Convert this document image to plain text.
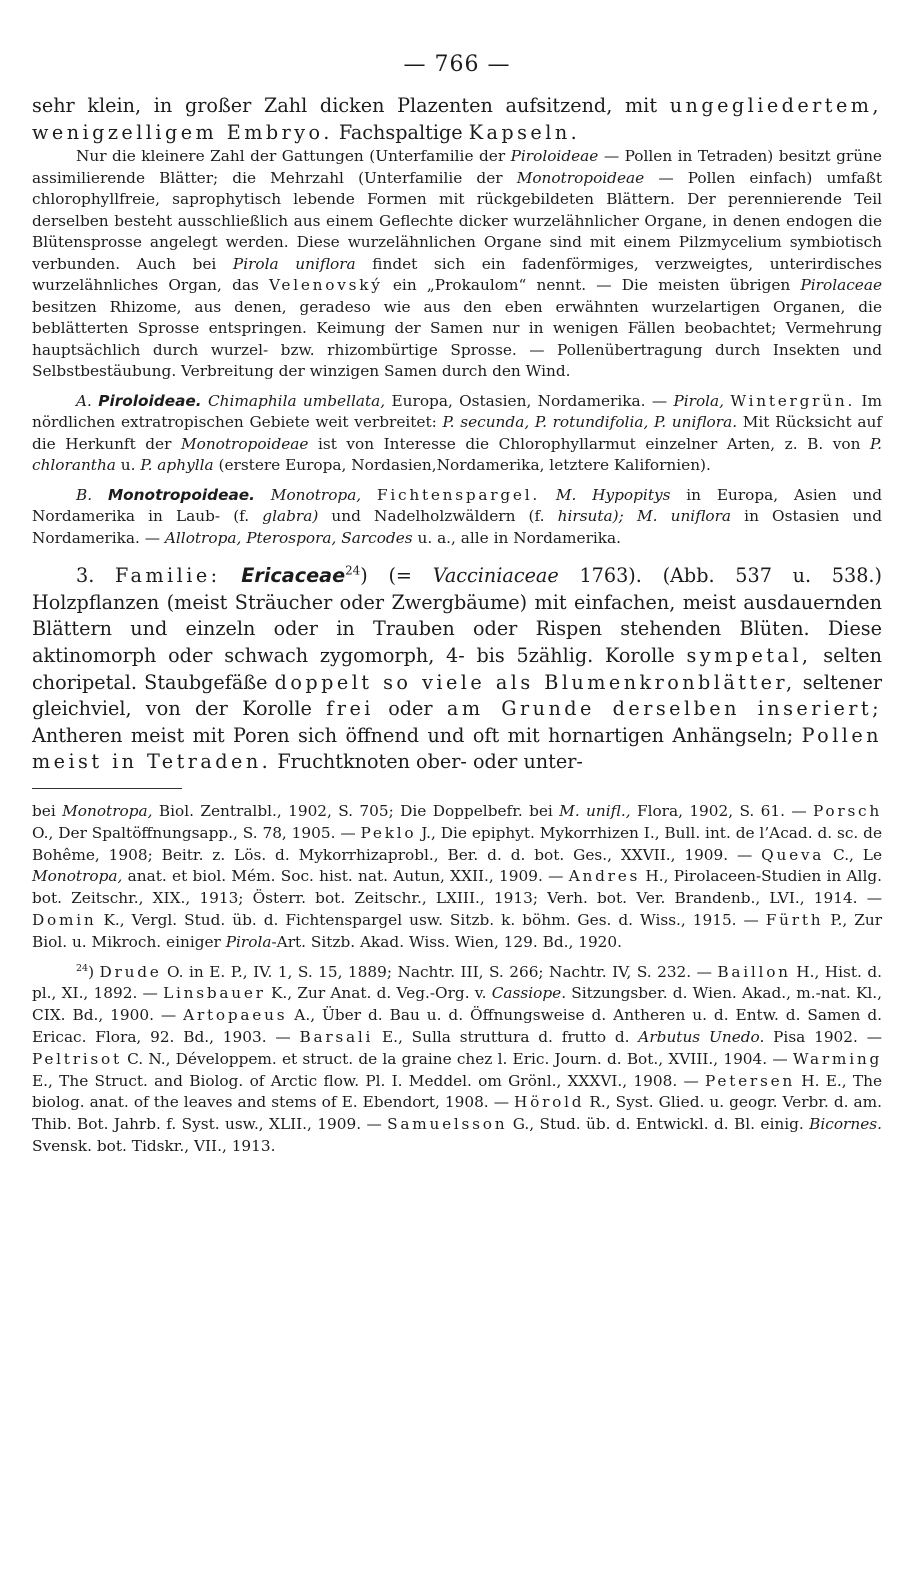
— 766 —

sehr klein, in großer Zahl dicken Plazenten aufsitzend, mit ungegliedertem, wenigzelligem Embryo. Fachspaltige Kapseln.

Nur die kleinere Zahl der Gattungen (Unterfamilie der Piroloideae — Pollen in Tetraden) besitzt grüne assimilierende Blätter; die Mehrzahl (Unterfamilie der Monotropoideae — Pollen einfach) umfaßt chlorophyllfreie, saprophytisch lebende Formen mit rückgebildeten Blättern. Der perennierende Teil derselben besteht ausschließlich aus einem Geflechte dicker wurzelähnlicher Organe, in denen endogen die Blütensprosse angelegt werden. Diese wurzelähnlichen Organe sind mit einem Pilzmycelium symbiotisch verbunden. Auch bei Pirola uniflora findet sich ein fadenförmiges, verzweigtes, unterirdisches wurzelähnliches Organ, das Velenovský ein „Prokaulom“ nennt. — Die meisten übrigen Pirolaceae besitzen Rhizome, aus denen, geradeso wie aus den eben erwähnten wurzelartigen Organen, die beblätterten Sprosse entspringen. Keimung der Samen nur in wenigen Fällen beobachtet; Vermehrung hauptsächlich durch wurzel- bzw. rhizombürtige Sprosse. — Pollenübertragung durch Insekten und Selbstbestäubung. Verbreitung der winzigen Samen durch den Wind.

A. Piroloideae. Chimaphila umbellata, Europa, Ostasien, Nordamerika. — Pirola, Wintergrün. Im nördlichen extratropischen Gebiete weit verbreitet: P. secunda, P. rotundifolia, P. uniflora. Mit Rücksicht auf die Herkunft der Monotropoideae ist von Interesse die Chlorophyllarmut einzelner Arten, z. B. von P. chlorantha u. P. aphylla (erstere Europa, Nordasien,Nordamerika, letztere Kalifornien).

B. Monotropoideae. Monotropa, Fichtenspargel. M. Hypopitys in Europa, Asien und Nordamerika in Laub- (f. glabra) und Nadelholzwäldern (f. hirsuta); M. uniflora in Ostasien und Nordamerika. — Allotropa, Pterospora, Sarcodes u. a., alle in Nordamerika.

3. Familie: Ericaceae$^{24}$) (= Vacciniaceae 1763). (Abb. 537 u. 538.) Holzpflanzen (meist Sträucher oder Zwergbäume) mit einfachen, meist ausdauernden Blättern und einzeln oder in Trauben oder Rispen stehenden Blüten. Diese aktinomorph oder schwach zygomorph, 4- bis 5zählig. Korolle sympetal, selten choripetal. Staubgefäße doppelt so viele als Blumenkronblätter, seltener gleichviel, von der Korolle frei oder am Grunde derselben inseriert; Antheren meist mit Poren sich öffnend und oft mit hornartigen Anhängseln; Pollen meist in Tetraden. Fruchtknoten ober- oder unter-

bei Monotropa, Biol. Zentralbl., 1902, S. 705; Die Doppelbefr. bei M. unifl., Flora, 1902, S. 61. — Porsch O., Der Spaltöffnungsapp., S. 78, 1905. — Peklo J., Die epiphyt. Mykorrhizen I., Bull. int. de l’Acad. d. sc. de Bohême, 1908; Beitr. z. Lös. d. Mykorrhizaprobl., Ber. d. d. bot. Ges., XXVII., 1909. — Queva C., Le Monotropa, anat. et biol. Mém. Soc. hist. nat. Autun, XXII., 1909. — Andres H., Pirolaceen-Studien in Allg. bot. Zeitschr., XIX., 1913; Österr. bot. Zeitschr., LXIII., 1913; Verh. bot. Ver. Brandenb., LVI., 1914. — Domin K., Vergl. Stud. üb. d. Fichtenspargel usw. Sitzb. k. böhm. Ges. d. Wiss., 1915. — Fürth P., Zur Biol. u. Mikroch. einiger Pirola-Art. Sitzb. Akad. Wiss. Wien, 129. Bd., 1920.

$^{24}$) Drude O. in E. P., IV. 1, S. 15, 1889; Nachtr. III, S. 266; Nachtr. IV, S. 232. — Baillon H., Hist. d. pl., XI., 1892. — Linsbauer K., Zur Anat. d. Veg.-Org. v. Cassiope. Sitzungsber. d. Wien. Akad., m.-nat. Kl., CIX. Bd., 1900. — Artopaeus A., Über d. Bau u. d. Öffnungsweise d. Antheren u. d. Entw. d. Samen d. Ericac. Flora, 92. Bd., 1903. — Barsali E., Sulla struttura d. frutto d. Arbutus Unedo. Pisa 1902. — Peltrisot C. N., Développem. et struct. de la graine chez l. Eric. Journ. d. Bot., XVIII., 1904. — Warming E., The Struct. and Biolog. of Arctic flow. Pl. I. Meddel. om Grönl., XXXVI., 1908. — Petersen H. E., The biolog. anat. of the leaves and stems of E. Ebendort, 1908. — Hörold R., Syst. Glied. u. geogr. Verbr. d. am. Thib. Bot. Jahrb. f. Syst. usw., XLII., 1909. — Samuelsson G., Stud. üb. d. Entwickl. d. Bl. einig. Bicornes. Svensk. bot. Tidskr., VII., 1913.
